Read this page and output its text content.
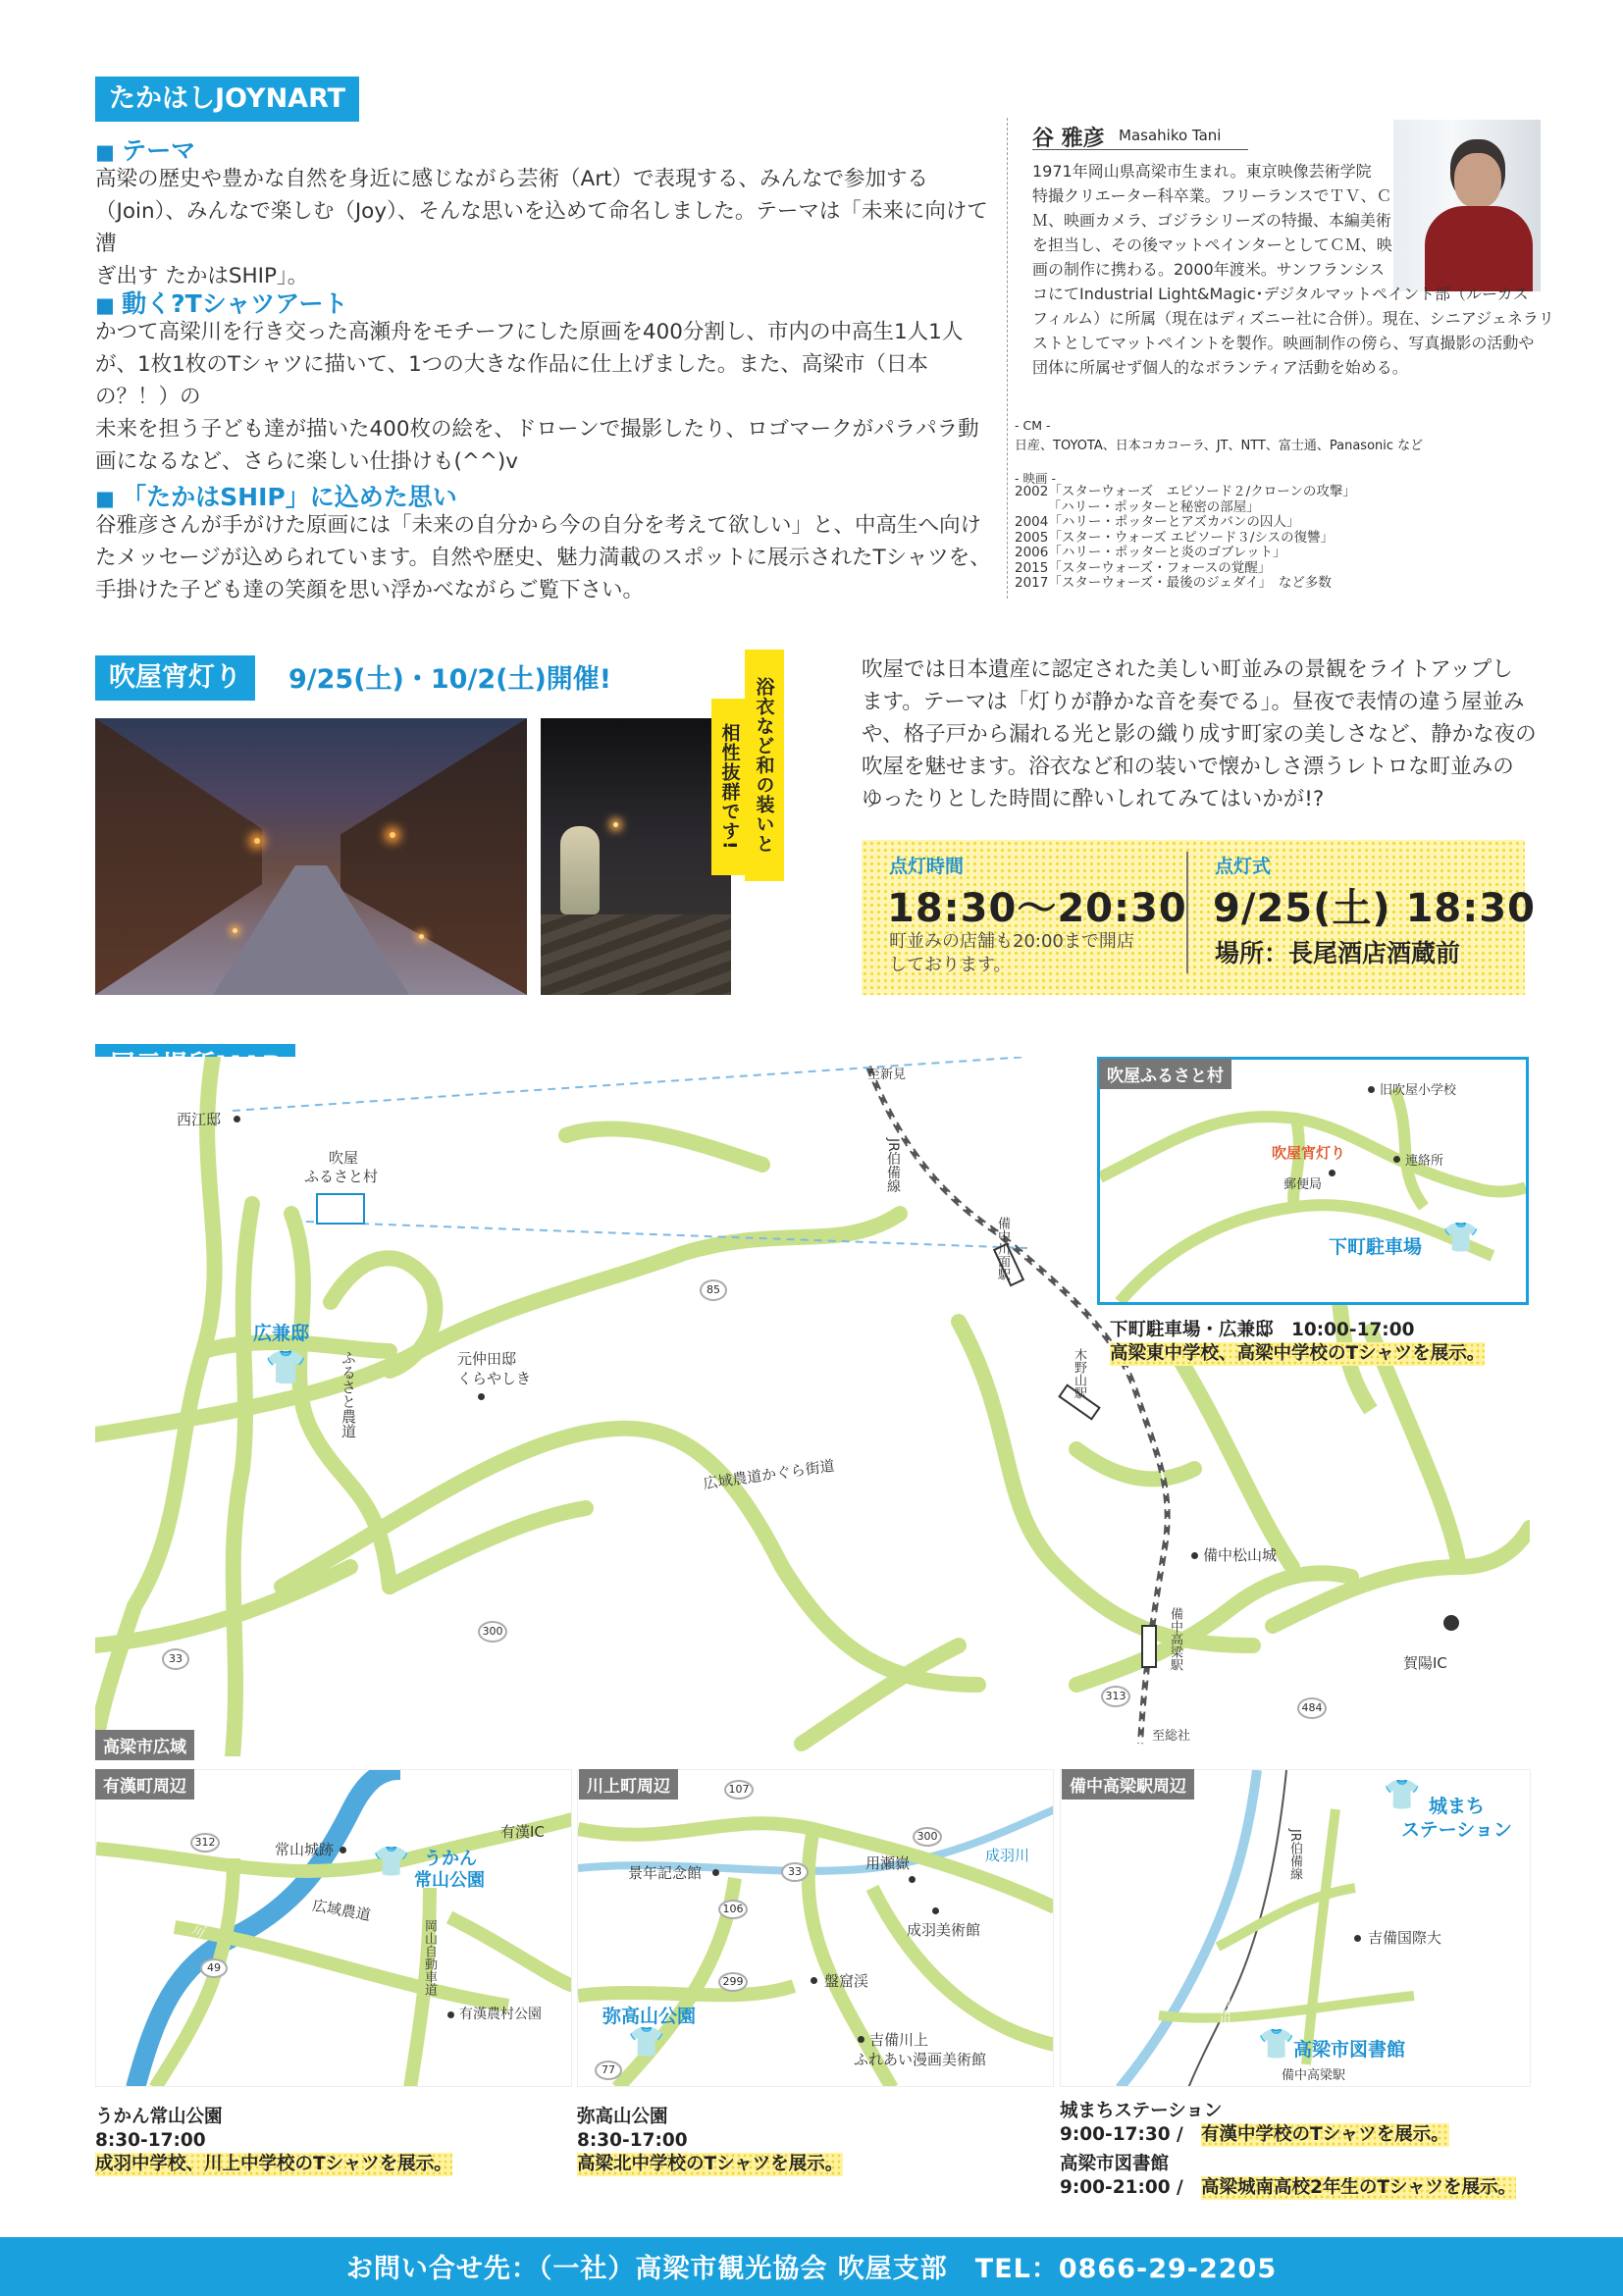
たかはしJOYNART
■ テーマ
高梁の歴史や豊かな自然を身近に感じながら芸術（Art）で表現する、みんなで参加する
（Join）、みんなで楽しむ（Joy）、そんな思いを込めて命名しました。テーマは「未来に向けて漕
ぎ出す たかはSHIP」。
■ 動く?Tシャツアート
かつて高梁川を行き交った高瀬舟をモチーフにした原画を400分割し、市内の中高生1人1人
が、1枚1枚のTシャツに描いて、1つの大きな作品に仕上げました。また、高梁市（日本の？！）の
未来を担う子ども達が描いた400枚の絵を、ドローンで撮影したり、ロゴマークがパラパラ動
画になるなど、さらに楽しい仕掛けも(^^)v
■ 「たかはSHIP」に込めた思い
谷雅彦さんが手がけた原画には「未来の自分から今の自分を考えて欲しい」と、中高生へ向け
たメッセージが込められています。自然や歴史、魅力満載のスポットに展示されたTシャツを、
手掛けた子ども達の笑顔を思い浮かべながらご覧下さい。
谷 雅彦 Masahiko Tani
1971年岡山県高梁市生まれ。東京映像芸術学院
特撮クリエーター科卒業。フリーランスでＴＶ、Ｃ
Ｍ、映画カメラ、ゴジラシリーズの特撮、本編美術
を担当し、その後マットペインターとしてＣＭ、映
画の制作に携わる。2000年渡米。サンフランシス
コにてIndustrial Light&Magic･デジタルマットペイント部（ルーカス
フィルム）に所属（現在はディズニー社に合併）。現在、シニアジェネラリ
ストとしてマットペイントを製作。映画制作の傍ら、写真撮影の活動や
団体に所属せず個人的なボランティア活動を始める。
- CM -
日産、TOYOTA、日本コカコーラ、JT、NTT、富士通、Panasonic など
- 映画 -
2002「スターウォーズ　エピソード２/クローンの攻撃」
　　　「ハリー・ポッターと秘密の部屋」
2004「ハリー・ポッターとアズカバンの囚人」
2005「スター・ウォーズ エピソード３/シスの復讐」
2006「ハリー・ポッターと炎のゴブレット」
2015「スターウォーズ・フォースの覚醒」
2017「スターウォーズ・最後のジェダイ」　など多数
吹屋宵灯り	9/25(土)・10/2(土)開催!	浴衣など和の装いと
相性抜群です!
吹屋では日本遺産に認定された美しい町並みの景観をライトアップし
ます。テーマは「灯りが静かな音を奏でる」。昼夜で表情の違う屋並み
や、格子戸から漏れる光と影の織り成す町家の美しさなど、静かな夜の
吹屋を魅せます。浴衣など和の装いで懐かしさ漂うレトロな町並みの
ゆったりとした時間に酔いしれてみてはいかが!?
点灯時間
18:30〜20:30
町並みの店舗も20:00まで開店
しております。
点灯式
9/25(土) 18:30
場所：長尾酒店酒蔵前
西江邸
吹屋
ふるさと村
広兼邸
👕 ふるさと農道	元仲田邸
くらやしき
広域農道かぐら街道
至新見
JR伯備線
備中川面駅
木野山駅
備中松山城
備中高梁駅	賀陽IC
至総社
85
300
33
313
484
高梁市広域
吹屋ふるさと村
旧吹屋小学校
吹屋宵灯り	連絡所
郵便局
下町駐車場 👕
下町駐車場・広兼邸　10:00-17:00
高梁東中学校、高梁中学校のTシャツを展示。
有漢町周辺
常山城跡
有漢IC
広域農道
岡山自動車道
有漢農村公園
有漢川
👕 うかん
常山公園
312
49
川上町周辺
景年記念館
用瀬嶽	成羽川
成羽美術館
盤窟渓
吉備川上
ふれあい漫画美術館
弥高山公園
👕
107
300
33
106
299
77
備中高梁駅周辺
JR伯備線
吉備国際大
備中高梁駅
高梁川
👕 城まち
ステーション
👕
高梁市図書館
うかん常山公園
8:30-17:00
成羽中学校、川上中学校のTシャツを展示。
弥高山公園
8:30-17:00
高梁北中学校のTシャツを展示。
城まちステーション
9:00-17:30 / 有漢中学校のTシャツを展示。
高梁市図書館
9:00-21:00 / 高梁城南高校2年生のTシャツを展示。
お問い合せ先：（一社）高梁市観光協会 吹屋支部　TEL：0866-29-2205
